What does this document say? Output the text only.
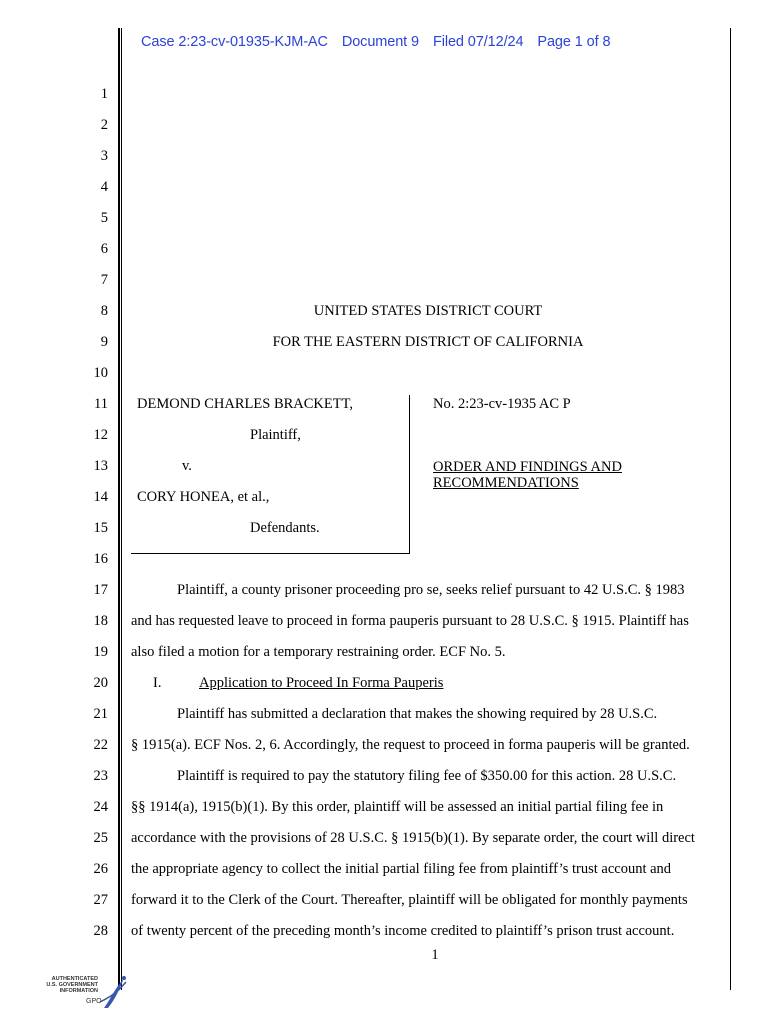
Case 2:23-cv-01935-KJM-AC Document 9 Filed 07/12/24 Page 1 of 8
1
2
3
4
5
6
7
8
9
10
11
12
13
14
15
16
17
18
19
20
21
22
23
24
25
26
27
28
UNITED STATES DISTRICT COURT
FOR THE EASTERN DISTRICT OF CALIFORNIA
DEMOND CHARLES BRACKETT,
Plaintiff,
v.
CORY HONEA, et al.,
Defendants.
No. 2:23-cv-1935 AC P
ORDER AND FINDINGS AND
RECOMMENDATIONS
Plaintiff, a county prisoner proceeding pro se, seeks relief pursuant to 42 U.S.C. § 1983
and has requested leave to proceed in forma pauperis pursuant to 28 U.S.C. § 1915. Plaintiff has
also filed a motion for a temporary restraining order. ECF No. 5.
I.	Application to Proceed In Forma Pauperis
Plaintiff has submitted a declaration that makes the showing required by 28 U.S.C.
§ 1915(a). ECF Nos. 2, 6. Accordingly, the request to proceed in forma pauperis will be granted.
Plaintiff is required to pay the statutory filing fee of $350.00 for this action. 28 U.S.C.
§§ 1914(a), 1915(b)(1). By this order, plaintiff will be assessed an initial partial filing fee in
accordance with the provisions of 28 U.S.C. § 1915(b)(1). By separate order, the court will direct
the appropriate agency to collect the initial partial filing fee from plaintiff’s trust account and
forward it to the Clerk of the Court. Thereafter, plaintiff will be obligated for monthly payments
of twenty percent of the preceding month’s income credited to plaintiff’s prison trust account.
1
AUTHENTICATED
U.S. GOVERNMENT
INFORMATION
GPO
